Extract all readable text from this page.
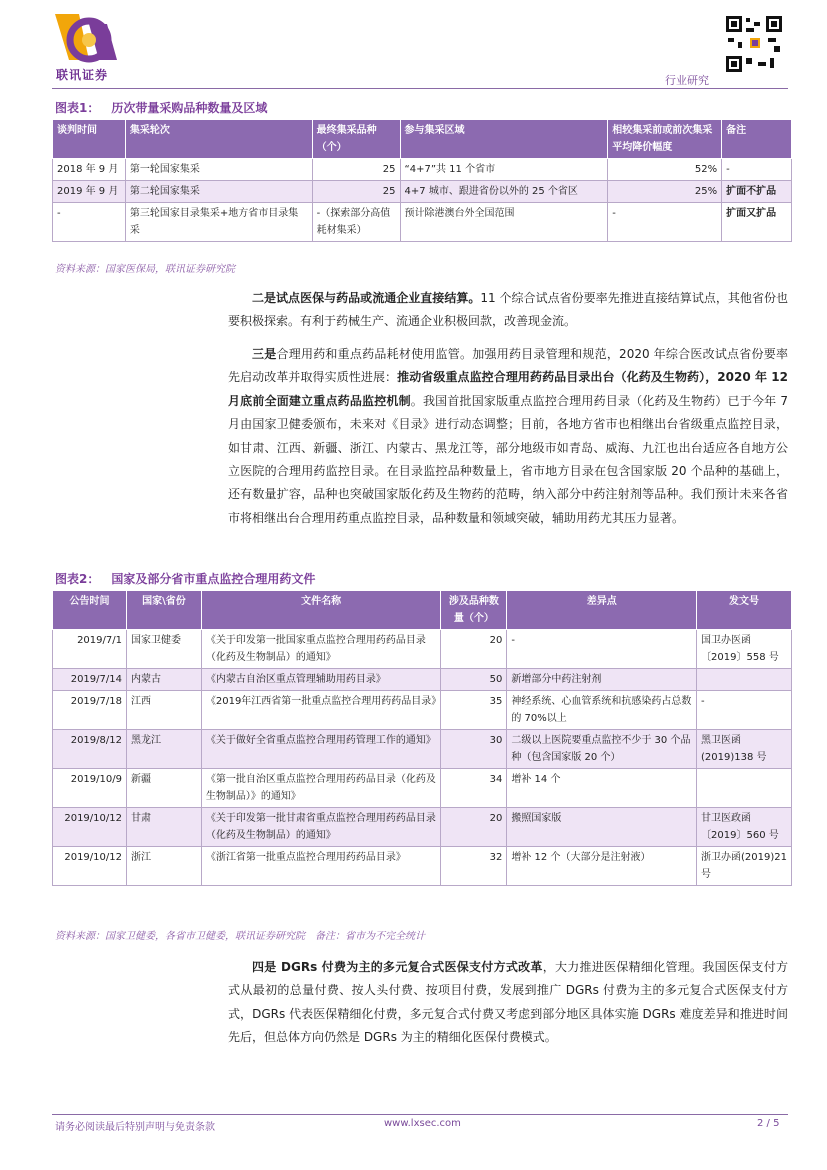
联讯证券	行业研究
图表1： 历次带量采购品种数量及区域
谈判时间	集采轮次	最终集采品种（个）	参与集采区域	相较集采前或前次集采平均降价幅度	备注
2018 年 9 月	第一轮国家集采	25	“4+7”共 11 个省市	52%	-
2019 年 9 月	第二轮国家集采	25	4+7 城市、跟进省份以外的 25 个省区	25%	扩面不扩品
-	第三轮国家目录集采+地方省市目录集采	-（探索部分高值耗材集采）	预计除港澳台外全国范围	-	扩面又扩品
资料来源：国家医保局，联讯证券研究院
二是试点医保与药品或流通企业直接结算。11 个综合试点省份要率先推进直接结算试点，其他省份也要积极探索。有利于药械生产、流通企业积极回款，改善现金流。
三是合理用药和重点药品耗材使用监管。加强用药目录管理和规范，2020 年综合医改试点省份要率先启动改革并取得实质性进展：推动省级重点监控合理用药药品目录出台（化药及生物药），2020 年 12 月底前全面建立重点药品监控机制。我国首批国家版重点监控合理用药目录（化药及生物药）已于今年 7 月由国家卫健委颁布，未来对《目录》进行动态调整；目前，各地方省市也相继出台省级重点监控目录，如甘肃、江西、新疆、浙江、内蒙古、黑龙江等，部分地级市如青岛、威海、九江也出台适应各自地方公立医院的合理用药监控目录。在目录监控品种数量上，省市地方目录在包含国家版 20 个品种的基础上，还有数量扩容，品种也突破国家版化药及生物药的范畴，纳入部分中药注射剂等品种。我们预计未来各省市将相继出台合理用药重点监控目录，品种数量和领域突破，辅助用药尤其压力显著。
图表2： 国家及部分省市重点监控合理用药文件
公告时间	国家\省份	文件名称	涉及品种数量（个）	差异点	发文号
2019/7/1	国家卫健委	《关于印发第一批国家重点监控合理用药药品目录（化药及生物制品）的通知》	20	-	国卫办医函〔2019〕558 号
2019/7/14	内蒙古	《内蒙古自治区重点管理辅助用药目录》	50	新增部分中药注射剂	
2019/7/18	江西	《2019年江西省第一批重点监控合理用药药品目录》	35	神经系统、心血管系统和抗感染药占总数的 70%以上	-
2019/8/12	黑龙江	《关于做好全省重点监控合理用药管理工作的通知》	30	二级以上医院要重点监控不少于 30 个品种（包含国家版 20 个）	黑卫医函(2019)138 号
2019/10/9	新疆	《第一批自治区重点监控合理用药药品目录（化药及生物制品）》的通知》	34	增补 14 个	
2019/10/12	甘肃	《关于印发第一批甘肃省重点监控合理用药药品目录（化药及生物制品）的通知》	20	搬照国家版	甘卫医政函〔2019〕560 号
2019/10/12	浙江	《浙江省第一批重点监控合理用药药品目录》	32	增补 12 个（大部分是注射液）	浙卫办函(2019)21 号
资料来源：国家卫健委，各省市卫健委，联讯证券研究院　备注：省市为不完全统计
四是 DGRs 付费为主的多元复合式医保支付方式改革，大力推进医保精细化管理。我国医保支付方式从最初的总量付费、按人头付费、按项目付费，发展到推广 DGRs 付费为主的多元复合式医保支付方式，DGRs 代表医保精细化付费，多元复合式付费又考虑到部分地区具体实施 DGRs 难度差异和推进时间先后，但总体方向仍然是 DGRs 为主的精细化医保付费模式。
请务必阅读最后特别声明与免责条款	www.lxsec.com	2 / 5
